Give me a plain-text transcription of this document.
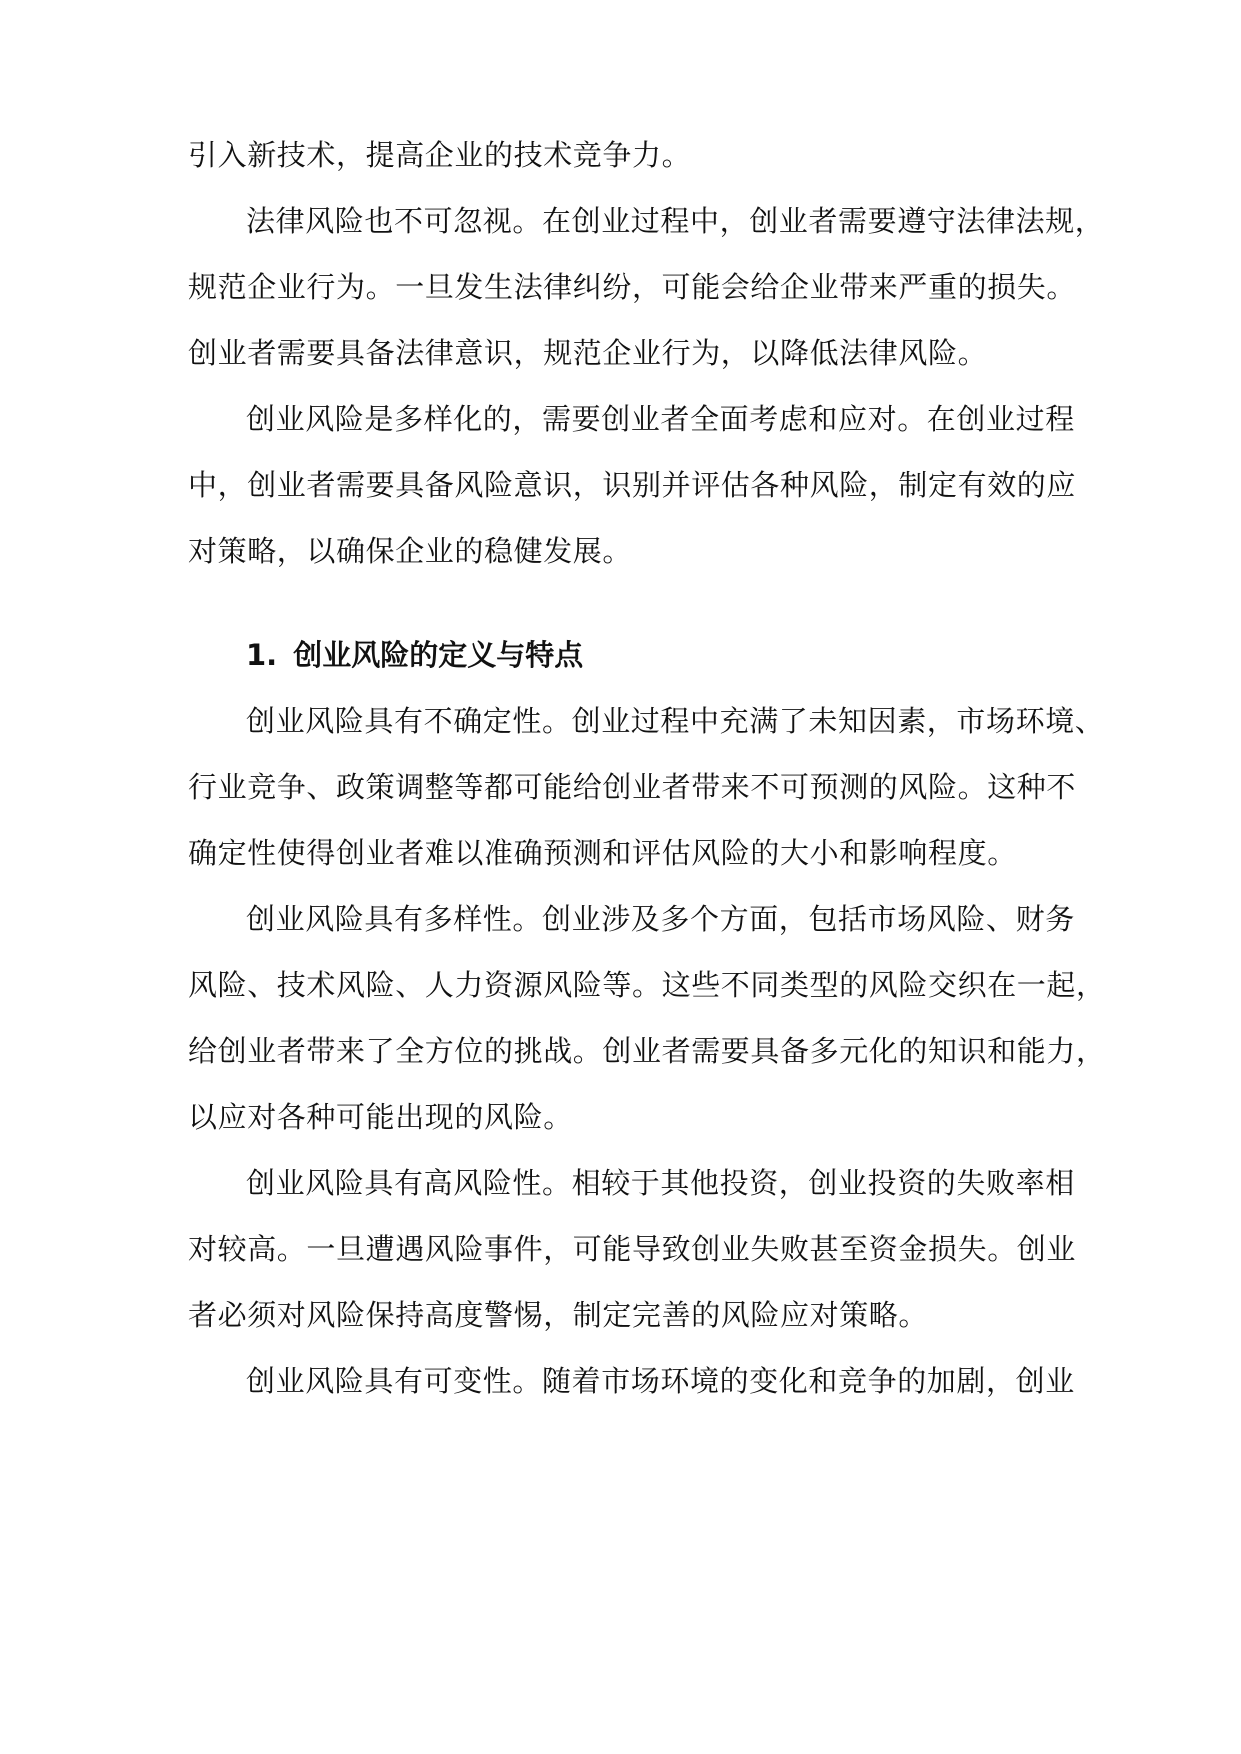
引入新技术，提高企业的技术竞争力。
法律风险也不可忽视。在创业过程中，创业者需要遵守法律法规，
规范企业行为。一旦发生法律纠纷，可能会给企业带来严重的损失。
创业者需要具备法律意识，规范企业行为，以降低法律风险。
创业风险是多样化的，需要创业者全面考虑和应对。在创业过程
中，创业者需要具备风险意识，识别并评估各种风险，制定有效的应
对策略，以确保企业的稳健发展。
1. 创业风险的定义与特点
创业风险具有不确定性。创业过程中充满了未知因素，市场环境、
行业竞争、政策调整等都可能给创业者带来不可预测的风险。这种不
确定性使得创业者难以准确预测和评估风险的大小和影响程度。
创业风险具有多样性。创业涉及多个方面，包括市场风险、财务
风险、技术风险、人力资源风险等。这些不同类型的风险交织在一起，
给创业者带来了全方位的挑战。创业者需要具备多元化的知识和能力，
以应对各种可能出现的风险。
创业风险具有高风险性。相较于其他投资，创业投资的失败率相
对较高。一旦遭遇风险事件，可能导致创业失败甚至资金损失。创业
者必须对风险保持高度警惕，制定完善的风险应对策略。
创业风险具有可变性。随着市场环境的变化和竞争的加剧，创业
